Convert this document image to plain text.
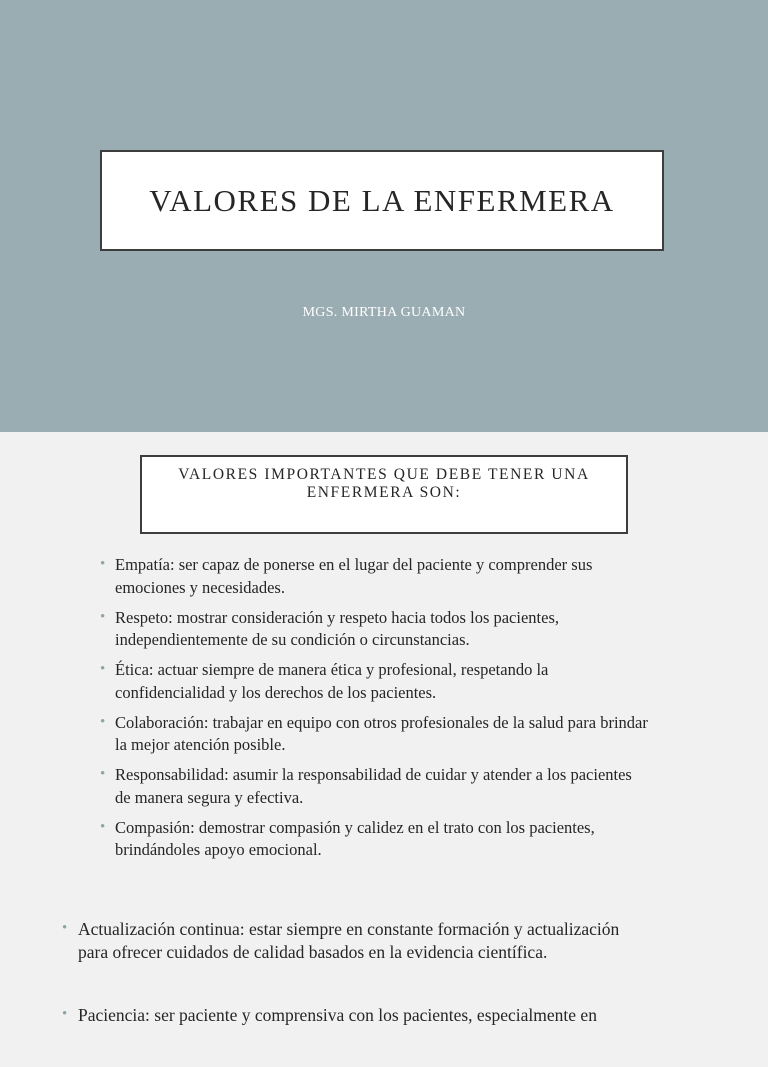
VALORES DE LA ENFERMERA
MGS. MIRTHA GUAMAN
VALORES IMPORTANTES QUE DEBE TENER UNA
ENFERMERA SON:
• Empatía: ser capaz de ponerse en el lugar del paciente y comprender sus
emociones y necesidades.
• Respeto: mostrar consideración y respeto hacia todos los pacientes,
independientemente de su condición o circunstancias.
• Ética: actuar siempre de manera ética y profesional, respetando la
confidencialidad y los derechos de los pacientes.
• Colaboración: trabajar en equipo con otros profesionales de la salud para brindar
la mejor atención posible.
• Responsabilidad: asumir la responsabilidad de cuidar y atender a los pacientes
de manera segura y efectiva.
• Compasión: demostrar compasión y calidez en el trato con los pacientes,
brindándoles apoyo emocional.
• Actualización continua: estar siempre en constante formación y actualización
para ofrecer cuidados de calidad basados en la evidencia científica.
• Paciencia: ser paciente y comprensiva con los pacientes, especialmente en
